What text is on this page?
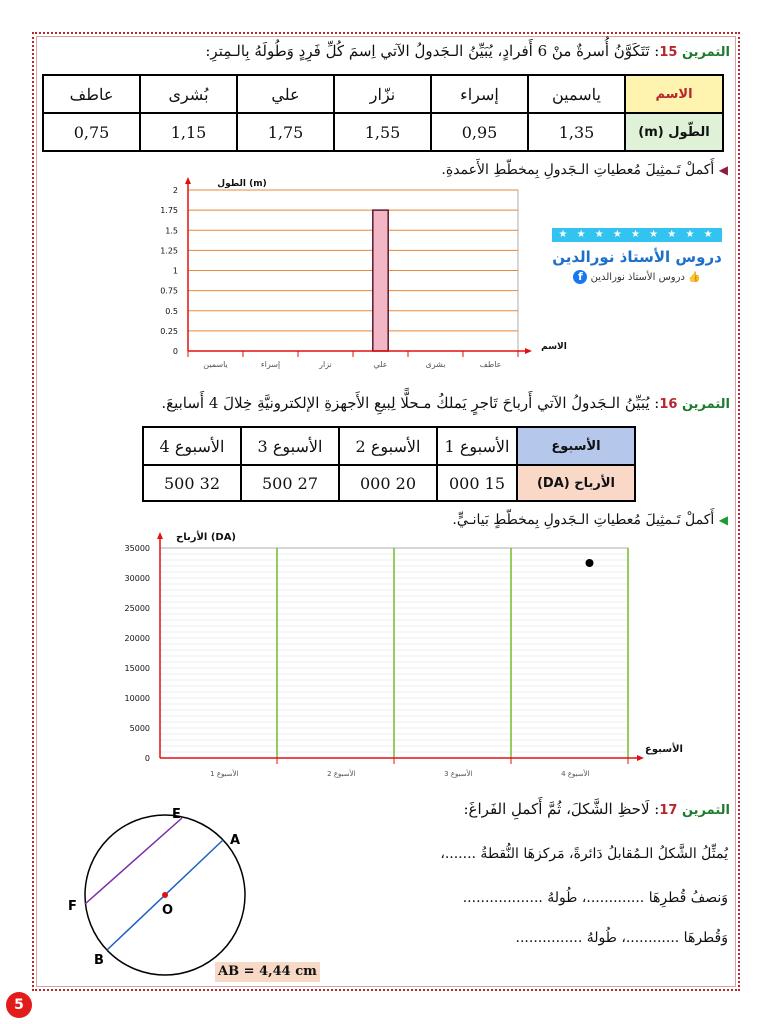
التمرين 15: تَتَكَوَّنُ أُسرةٌ منْ 6 أَفرادٍ، يُبَيِّنُ الـجَدولُ الآتي اِسمَ كُلِّ فَرِدٍ وَطُولَهُ بِالـمِترِ:
الاسم	ياسمين	إسراء	نزّار	علي	بُشرى	عاطف
الطّول (m)	1,35	0,95	1,55	1,75	1,15	0,75
◀ أَكملْ تَـمثِيلَ مُعطياتِ الـجَدولِ بِمخطّطِ الأَعمدةِ.
0
0.25
0.5
0.75
1
1.25
1.5
1.75
2
ياسمين	إسراء	نزار	علي	بشرى	عاطف
الطول (m)
الاسم
★ ★ ★ ★ ★ ★ ★ ★ ★
دروس الأستاذ نورالدين
👍 دروس الأستاذ نورالدين f
التمرين 16: يُبَيِّنُ الـجَدولُ الآتي أَرباحَ تَاجرٍ يَملكُ مـحلًّا لِبيعِ الأَجهزةِ الإلكترونيَّةِ خِلالَ 4 أَسابيعَ.
الأسبوع	الأسبوع 1	الأسبوع 2	الأسبوع 3	الأسبوع 4
الأرباح (DA)	15 000	20 000	27 500	32 500
◀ أَكملْ تَـمثِيلَ مُعطياتِ الـجَدولِ بِمخطّطٍ بَيانـيٍّ.
0
5000
10000
15000
20000
25000
30000
35000
الأسبوع 1	الأسبوع 2	الأسبوع 3	الأسبوع 4
الأرباح (DA)
الأسبوع
التمرين 17: لَاحظِ الشَّكلَ، ثُمَّ أَكملِ الفَراغَ:
يُمثِّلُ الشَّكلُ الـمُقابلُ دَائرةً، مَركزهَا النُّقطةُ .......،
وَنصفُ قُطرِهَا .............، طُولهُ ..................
وَقُطرهَا ............، طُولهُ ...............
A
B
E
F	O
AB = 4,44 cm
5
